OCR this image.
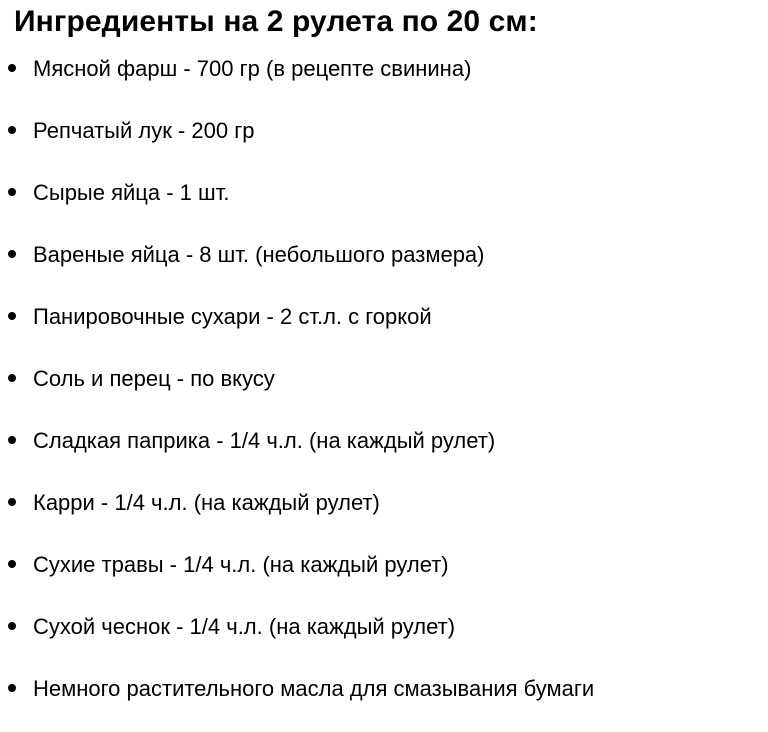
Ингредиенты на 2 рулета по 20 см:
Мясной фарш - 700 гр (в рецепте свинина)
Репчатый лук - 200 гр
Сырые яйца - 1 шт.
Вареные яйца - 8 шт. (небольшого размера)
Панировочные сухари - 2 ст.л. с горкой
Соль и перец - по вкусу
Сладкая паприка - 1/4 ч.л. (на каждый рулет)
Карри - 1/4 ч.л. (на каждый рулет)
Сухие травы - 1/4 ч.л. (на каждый рулет)
Сухой чеснок - 1/4 ч.л. (на каждый рулет)
Немного растительного масла для смазывания бумаги
